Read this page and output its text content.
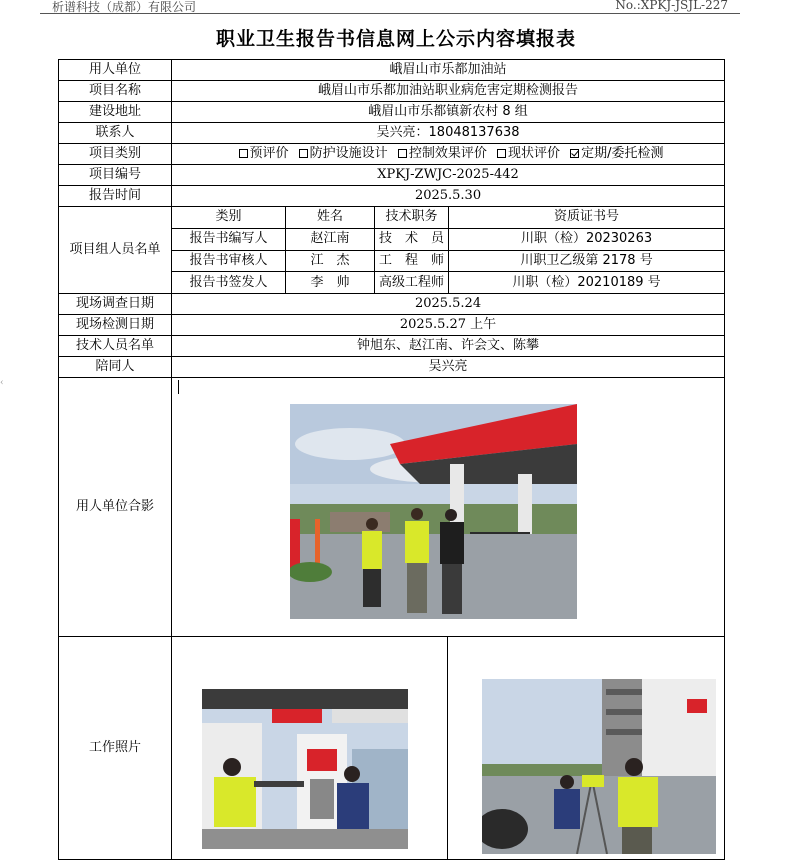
析谱科技（成都）有限公司	No.:XPKJ-JSJL-227
‹
职业卫生报告书信息网上公示内容填报表
用人单位	峨眉山市乐都加油站			
项目名称	峨眉山市乐都加油站职业病危害定期检测报告			
建设地址	峨眉山市乐都镇新农村 8 组			
联系人	吴兴亮：18048137638			
项目类别	预评价 防护设施设计 控制效果评价 现状评价 定期/委托检测			
项目编号	XPKJ-ZWJC-2025-442			
报告时间	2025.5.30			
项目组人员名单	类别	姓名	技术职务	资质证书号
	报告书编写人	赵江南	技　术　员	川职（检）20230263
	报告书审核人	江　杰	工　程　师	川职卫乙级第 2178 号
	报告书签发人	李　帅	高级工程师	川职（检）20210189 号
现场调查日期	2025.5.24			
现场检测日期	2025.5.27 上午			
技术人员名单	钟旭东、赵江南、许会文、陈攀			
陪同人	吴兴亮			
用人单位合影	

工作照片	
